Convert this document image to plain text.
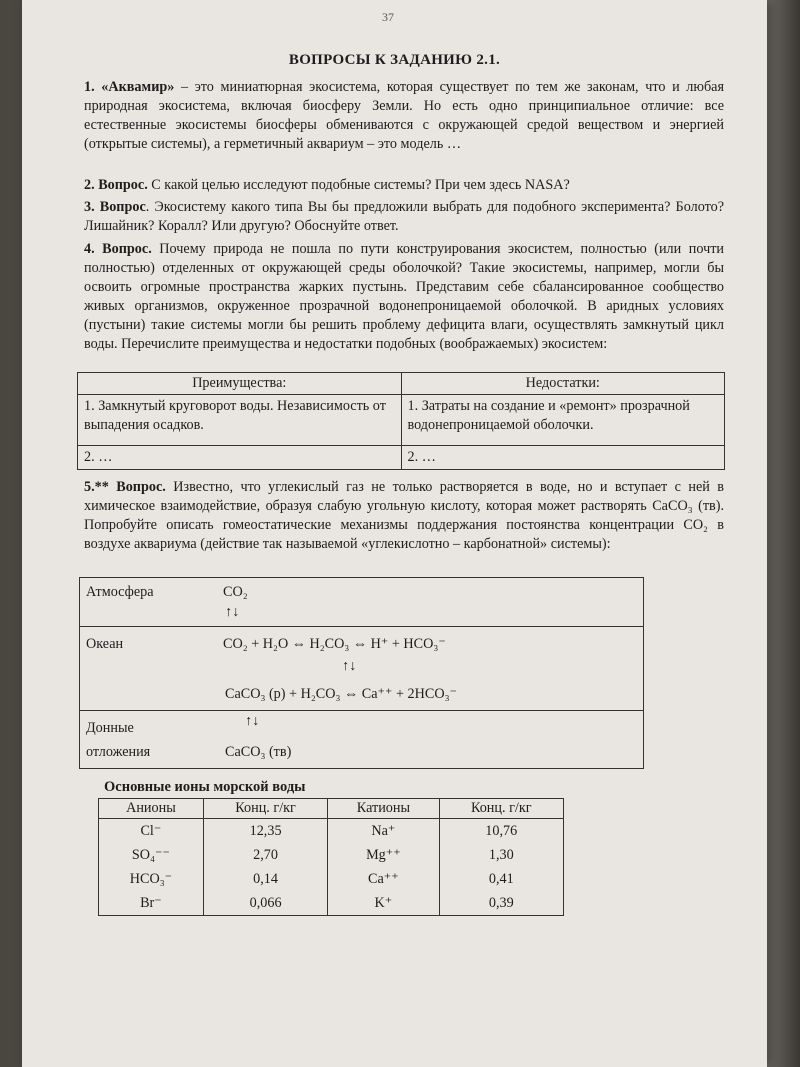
37
ВОПРОСЫ К ЗАДАНИЮ 2.1.
1. «Аквамир» – это миниатюрная экосистема, которая существует по тем же законам, что и любая природная экосистема, включая биосферу Земли. Но есть одно принципиальное отличие: все естественные экосистемы биосферы обмениваются с окружающей средой веществом и энергией (открытые системы), а герметичный аквариум – это модель …
2. Вопрос. С какой целью исследуют подобные системы? При чем здесь NASA?
3. Вопрос. Экосистему какого типа Вы бы предложили выбрать для подобного эксперимента? Болото? Лишайник? Коралл? Или другую? Обоснуйте ответ.
4. Вопрос. Почему природа не пошла по пути конструирования экосистем, полностью (или почти полностью) отделенных от окружающей среды оболочкой? Такие экосистемы, например, могли бы освоить огромные пространства жарких пустынь. Представим себе сбалансированное сообщество живых организмов, окруженное прозрачной водонепроницаемой оболочкой. В аридных условиях (пустыни) такие системы могли бы решить проблему дефицита влаги, осуществлять замкнутый цикл воды. Перечислите преимущества и недостатки подобных (воображаемых) экосистем:
Преимущества:	Недостатки:
1. Замкнутый круговорот воды. Независимость от выпадения осадков.	1. Затраты на создание и «ремонт» прозрачной водонепроницаемой оболочки.
2. …	2. …
5.** Вопрос. Известно, что углекислый газ не только растворяется в воде, но и вступает с ней в химическое взаимодействие, образуя слабую угольную кислоту, которая может растворять CaCO₃ (тв). Попробуйте описать гомеостатические механизмы поддержания постоянства концентрации CO₂ в воздухе аквариума (действие так называемой «углекислотно – карбонатной» системы):
Атмосфера	CO₂
↑↓
Океан	CO₂ + H₂O ⇔ H₂CO₃ ⇔ H⁺ + HCO₃⁻
↑↓
CaCO₃ (р) + H₂CO₃ ⇔ Ca⁺⁺ + 2HCO₃⁻
↑↓
Донные
отложения	CaCO₃ (тв)
Основные ионы морской воды
Анионы	Конц. г/кг	Катионы	Конц. г/кг
Cl⁻	12,35	Na⁺	10,76
SO₄⁻⁻	2,70	Mg⁺⁺	1,30
HCO₃⁻	0,14	Ca⁺⁺	0,41
Br⁻	0,066	K⁺	0,39
